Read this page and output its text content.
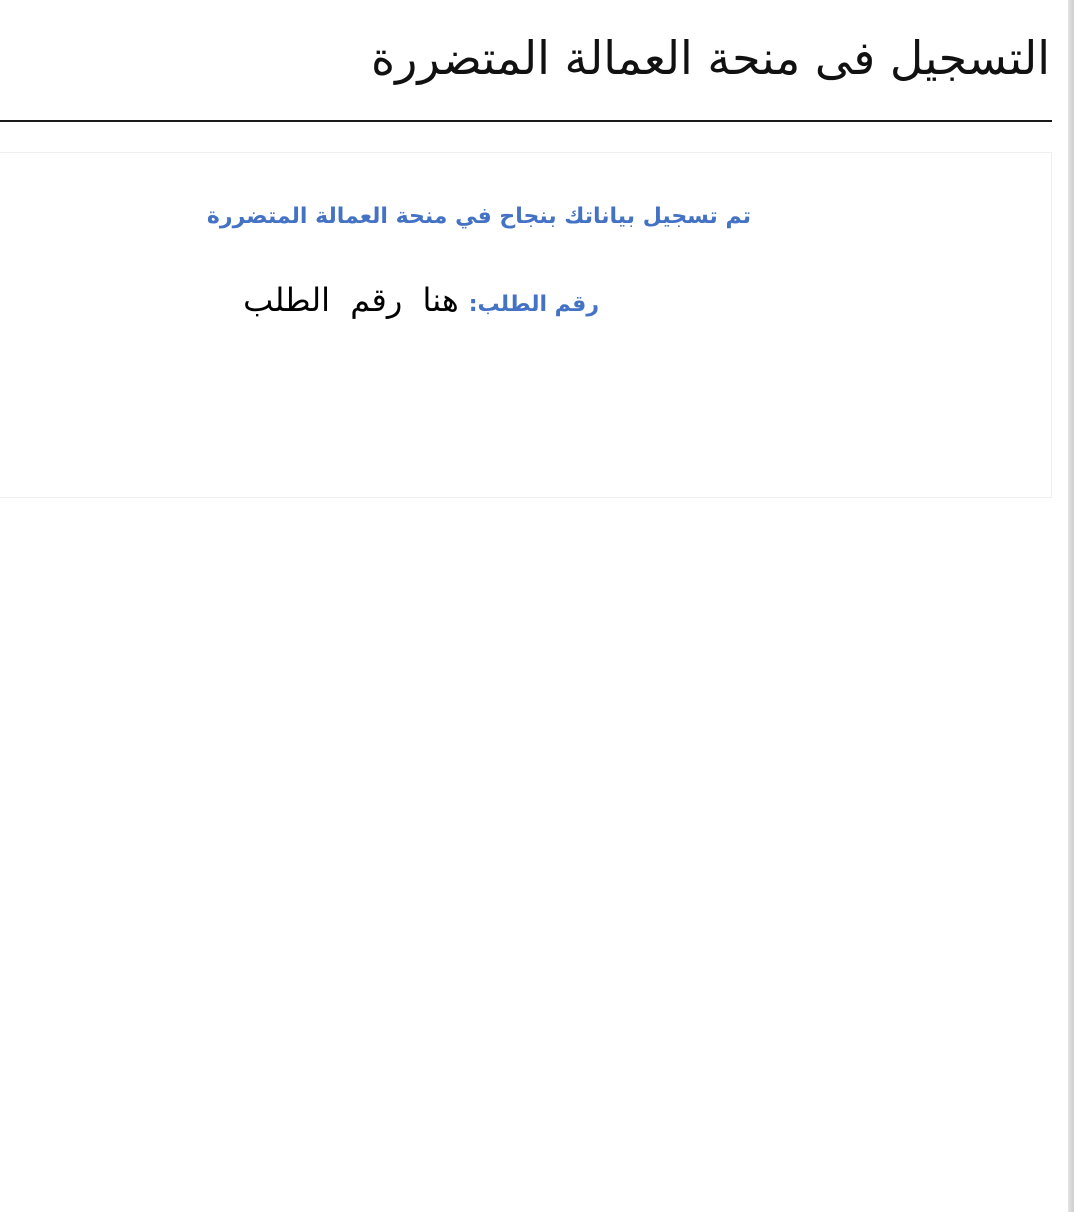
التسجيل فى منحة العمالة المتضررة

تم تسجيل بياناتك بنجاح في منحة العمالة المتضررة

رقم الطلب:
هنا رقم الطلب
